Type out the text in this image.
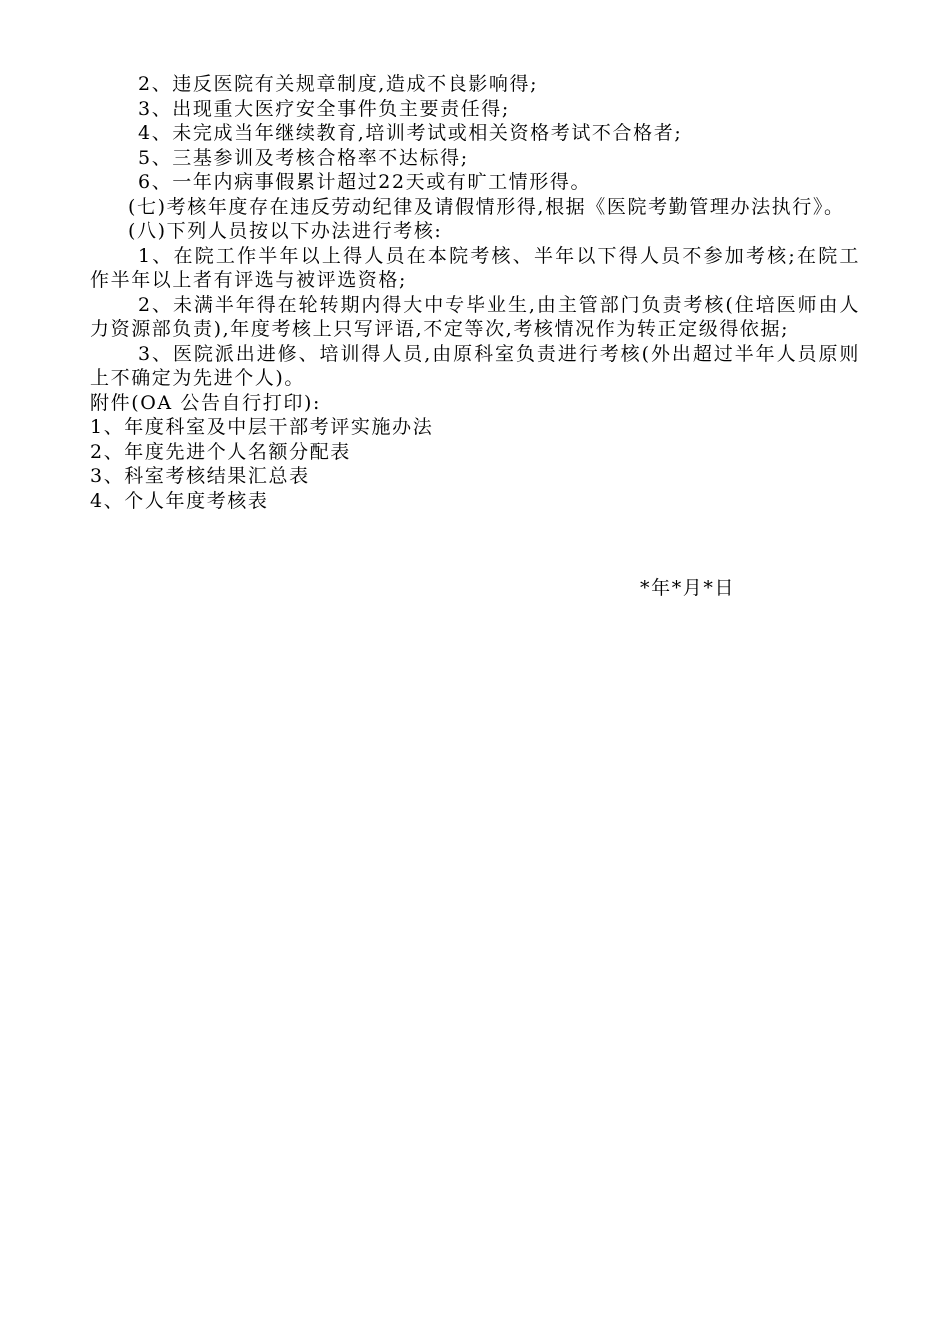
2、违反医院有关规章制度,造成不良影响得;
3、出现重大医疗安全事件负主要责任得;
4、未完成当年继续教育,培训考试或相关资格考试不合格者;
5、三基参训及考核合格率不达标得;
6、一年内病事假累计超过22天或有旷工情形得。
(七)考核年度存在违反劳动纪律及请假情形得,根据《医院考勤管理办法执行》。
(八)下列人员按以下办法进行考核:
1、在院工作半年以上得人员在本院考核、半年以下得人员不参加考核;在院工作半年以上者有评选与被评选资格;
2、未满半年得在轮转期内得大中专毕业生,由主管部门负责考核(住培医师由人力资源部负责),年度考核上只写评语,不定等次,考核情况作为转正定级得依据;
3、医院派出进修、培训得人员,由原科室负责进行考核(外出超过半年人员原则上不确定为先进个人)。
附件(OA 公告自行打印):
1、年度科室及中层干部考评实施办法
2、年度先进个人名额分配表
3、科室考核结果汇总表
4、个人年度考核表
*年*月*日
